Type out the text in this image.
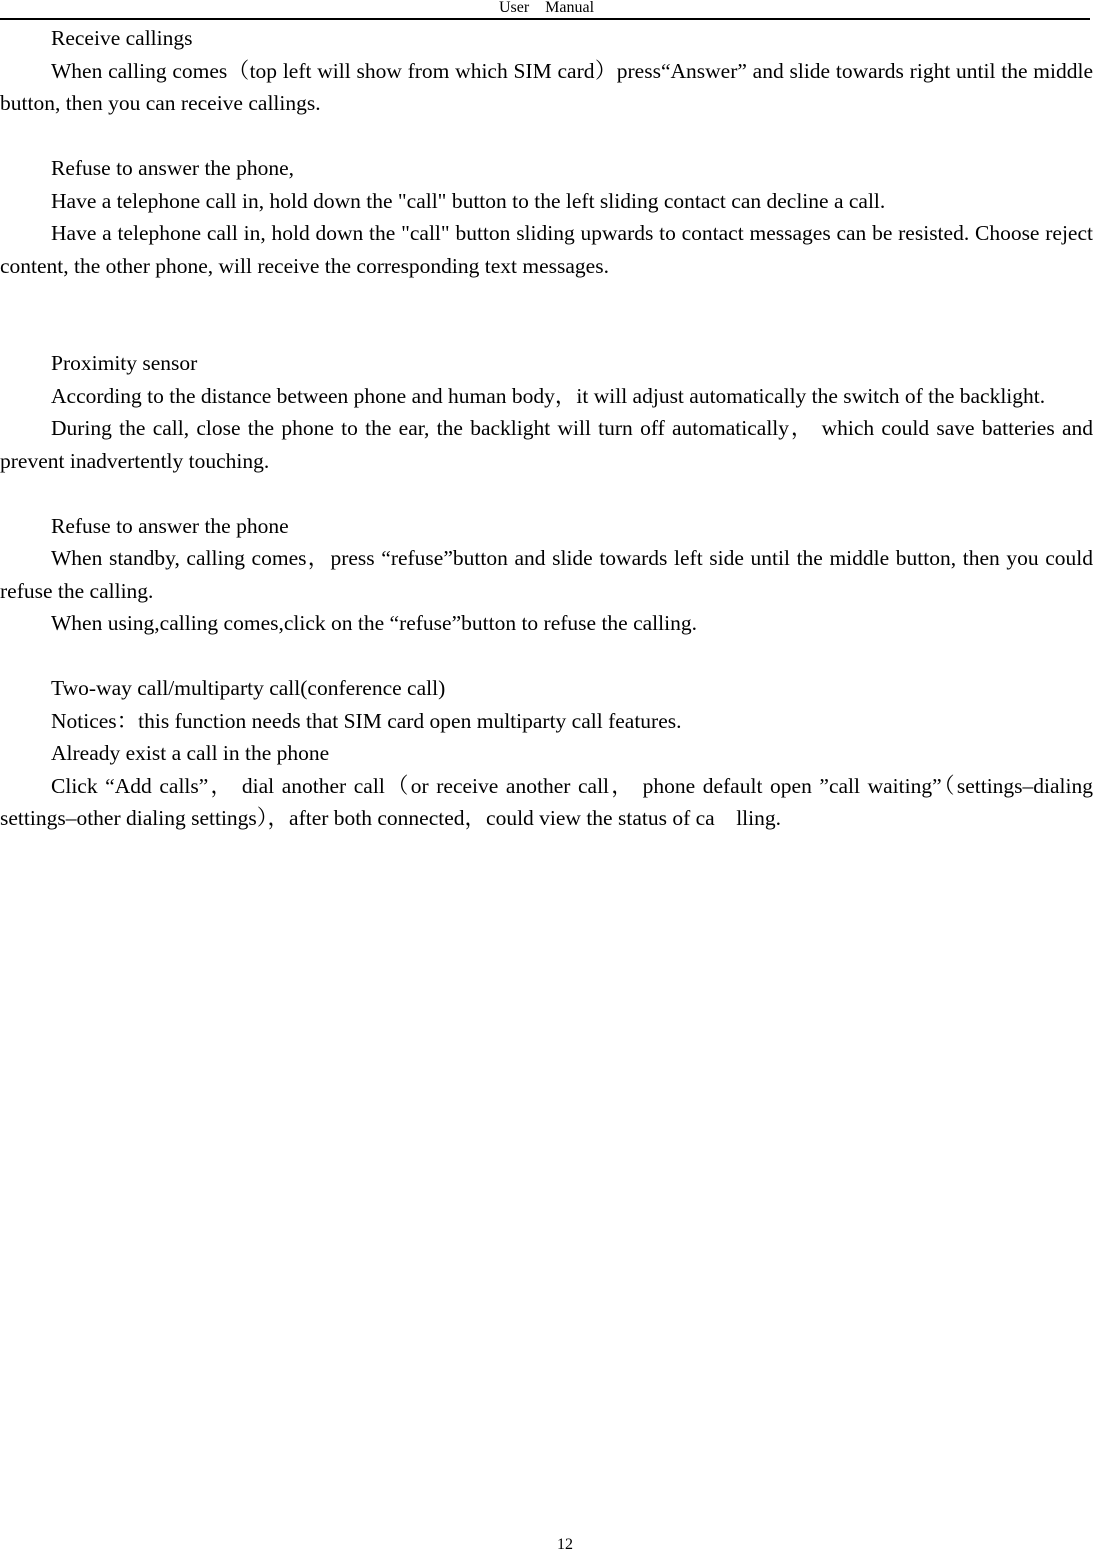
User　Manual

Receive callings

When calling comes（top left will show from which SIM card）press“Answer” and slide towards right until the middle button, then you can receive callings.

Refuse to answer the phone,

Have a telephone call in, hold down the "call" button to the left sliding contact can decline a call.

Have a telephone call in, hold down the "call" button sliding upwards to contact messages can be resisted. Choose reject content, the other phone, will receive the corresponding text messages.

Proximity sensor

According to the distance between phone and human body，it will adjust automatically the switch of the backlight.

During the call, close the phone to the ear, the backlight will turn off automatically， which could save batteries and prevent inadvertently touching.

Refuse to answer the phone

When standby, calling comes，press “refuse”button and slide towards left side until the middle button, then you could refuse the calling.

When using,calling comes,click on the “refuse”button to refuse the calling.

Two-way call/multiparty call(conference call)

Notices：this function needs that SIM card open multiparty call features.

Already exist a call in the phone

Click “Add calls”， dial another call（or receive another call， phone default open ”call waiting”（settings–dialing settings–other dialing settings），after both connected，could view the status of ca　lling.

12
